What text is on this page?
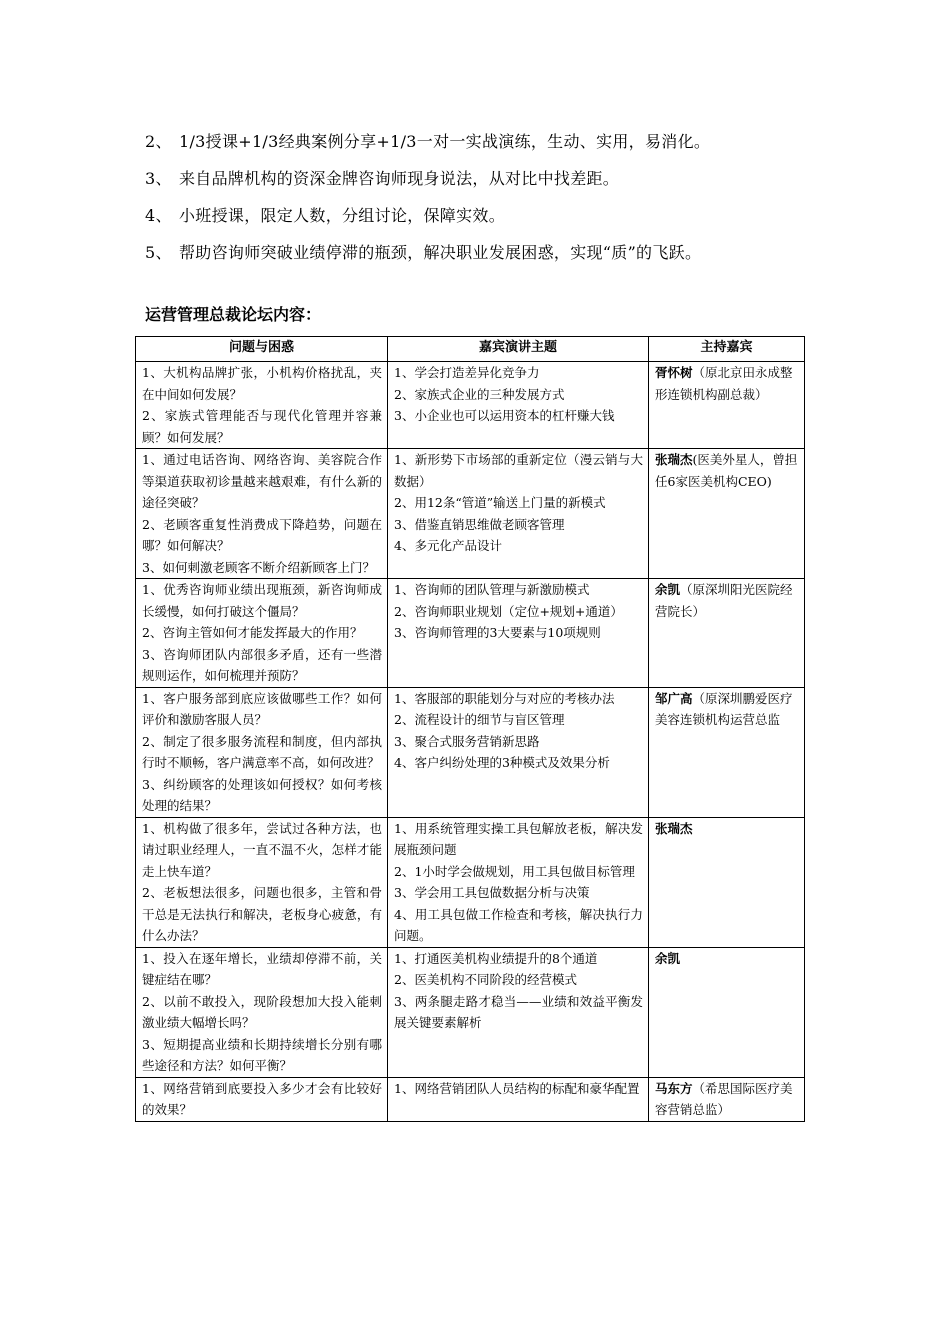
2、 1/3授课+1/3经典案例分享+1/3一对一实战演练，生动、实用，易消化。
3、 来自品牌机构的资深金牌咨询师现身说法，从对比中找差距。
4、 小班授课，限定人数，分组讨论，保障实效。
5、 帮助咨询师突破业绩停滞的瓶颈，解决职业发展困惑，实现“质”的飞跃。
运营管理总裁论坛内容：
问题与困惑	嘉宾演讲主题	主持嘉宾

1、大机构品牌扩张，小机构价格扰乱，夹在中间如何发展？
2、家族式管理能否与现代化管理并容兼顾？如何发展？	1、学会打造差异化竞争力
2、家族式企业的三种发展方式
3、小企业也可以运用资本的杠杆赚大钱	胥怀树（原北京田永成整形连锁机构副总裁）

1、通过电话咨询、网络咨询、美容院合作等渠道获取初诊量越来越艰难，有什么新的途径突破？
2、老顾客重复性消费成下降趋势，问题在哪？如何解决？
3、如何刺激老顾客不断介绍新顾客上门？	1、新形势下市场部的重新定位（漫云销与大数据）
2、用12条“管道”输送上门量的新模式
3、借鉴直销思维做老顾客管理
4、多元化产品设计	张瑞杰(医美外星人，曾担任6家医美机构CEO)

1、优秀咨询师业绩出现瓶颈，新咨询师成长缓慢，如何打破这个僵局？
2、咨询主管如何才能发挥最大的作用？
3、咨询师团队内部很多矛盾，还有一些潜规则运作，如何梳理并预防？	1、咨询师的团队管理与新激励模式
2、咨询师职业规划（定位+规划+通道）
3、咨询师管理的3大要素与10项规则	余凯（原深圳阳光医院经营院长）

1、客户服务部到底应该做哪些工作？如何评价和激励客服人员？
2、制定了很多服务流程和制度，但内部执行时不顺畅，客户满意率不高，如何改进？
3、纠纷顾客的处理该如何授权？如何考核处理的结果？	1、客服部的职能划分与对应的考核办法
2、流程设计的细节与盲区管理
3、聚合式服务营销新思路
4、客户纠纷处理的3种模式及效果分析	邹广高（原深圳鹏爱医疗美容连锁机构运营总监

1、机构做了很多年，尝试过各种方法，也请过职业经理人，一直不温不火，怎样才能走上快车道？
2、老板想法很多，问题也很多，主管和骨干总是无法执行和解决，老板身心疲惫，有什么办法？	1、用系统管理实操工具包解放老板，解决发展瓶颈问题
2、1小时学会做规划，用工具包做目标管理
3、学会用工具包做数据分析与决策
4、用工具包做工作检查和考核，解决执行力问题。	张瑞杰

1、投入在逐年增长，业绩却停滞不前，关键症结在哪？
2、以前不敢投入，现阶段想加大投入能刺激业绩大幅增长吗？
3、短期提高业绩和长期持续增长分别有哪些途径和方法？如何平衡？	1、打通医美机构业绩提升的8个通道
2、医美机构不同阶段的经营模式
3、两条腿走路才稳当——业绩和效益平衡发展关键要素解析	余凯

1、网络营销到底要投入多少才会有比较好的效果？	1、网络营销团队人员结构的标配和豪华配置	马东方（希思国际医疗美容营销总监）
